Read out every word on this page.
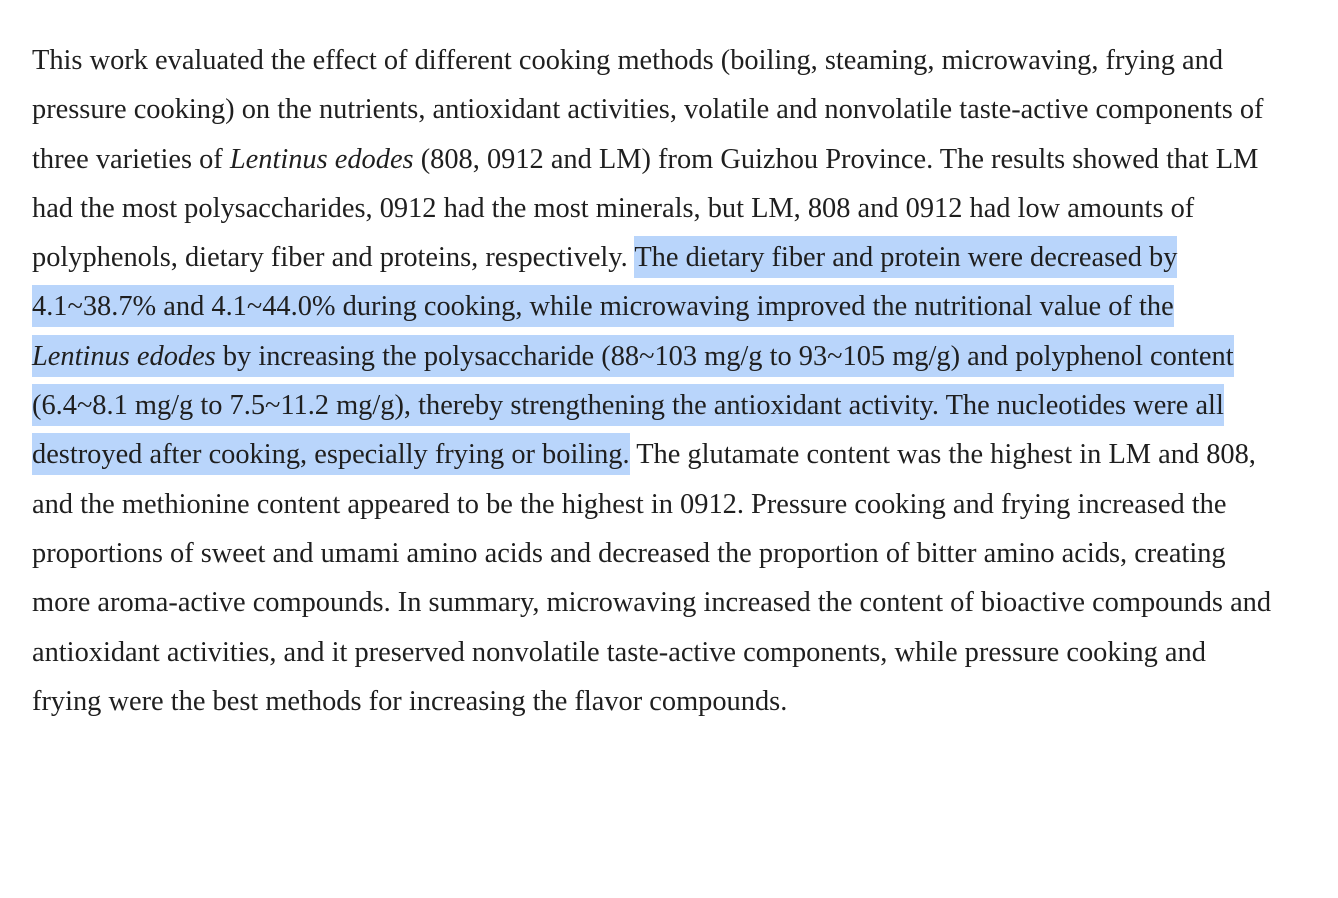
This work evaluated the effect of different cooking methods (boiling, steaming, microwaving, frying and pressure cooking) on the nutrients, antioxidant activities, volatile and nonvolatile taste-active components of three varieties of Lentinus edodes (808, 0912 and LM) from Guizhou Province. The results showed that LM had the most polysaccharides, 0912 had the most minerals, but LM, 808 and 0912 had low amounts of polyphenols, dietary fiber and proteins, respectively. The dietary fiber and protein were decreased by 4.1~38.7% and 4.1~44.0% during cooking, while microwaving improved the nutritional value of the Lentinus edodes by increasing the polysaccharide (88~103 mg/g to 93~105 mg/g) and polyphenol content (6.4~8.1 mg/g to 7.5~11.2 mg/g), thereby strengthening the antioxidant activity. The nucleotides were all destroyed after cooking, especially frying or boiling. The glutamate content was the highest in LM and 808, and the methionine content appeared to be the highest in 0912. Pressure cooking and frying increased the proportions of sweet and umami amino acids and decreased the proportion of bitter amino acids, creating more aroma-active compounds. In summary, microwaving increased the content of bioactive compounds and antioxidant activities, and it preserved nonvolatile taste-active components, while pressure cooking and frying were the best methods for increasing the flavor compounds.
